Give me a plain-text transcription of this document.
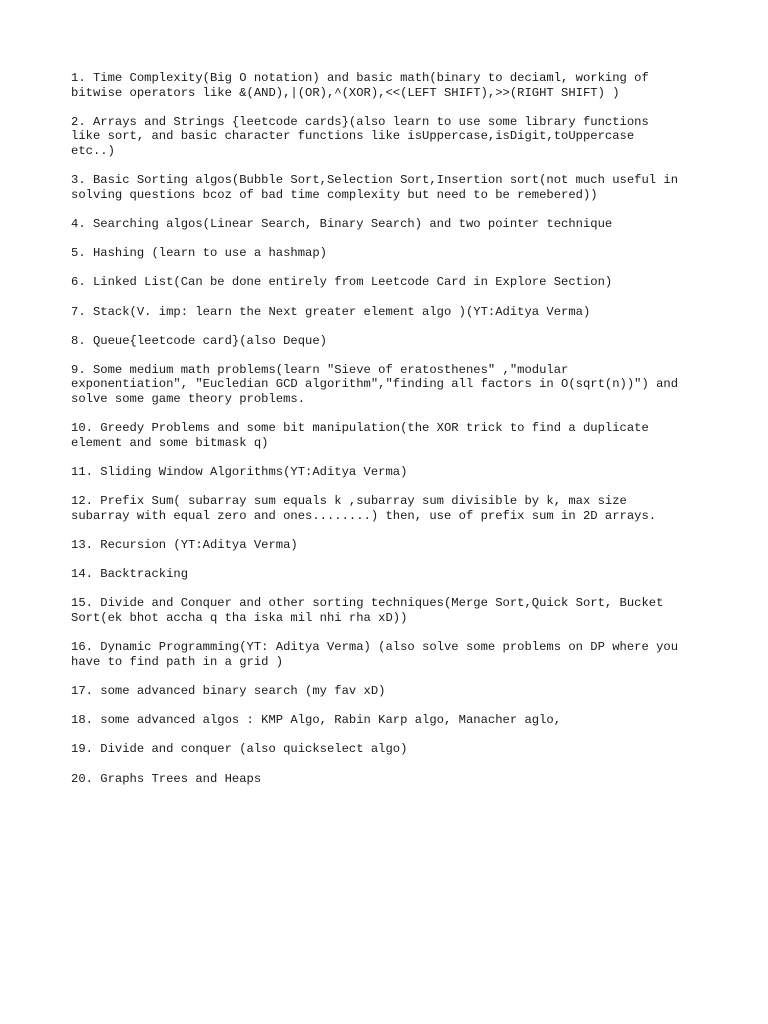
1. Time Complexity(Big O notation) and basic math(binary to deciaml, working of
bitwise operators like &(AND),|(OR),^(XOR),<<(LEFT SHIFT),>>(RIGHT SHIFT) )
2. Arrays and Strings {leetcode cards}(also learn to use some library functions
like sort, and basic character functions like isUppercase,isDigit,toUppercase
etc..)
3. Basic Sorting algos(Bubble Sort,Selection Sort,Insertion sort(not much useful in
solving questions bcoz of bad time complexity but need to be remebered))
4. Searching algos(Linear Search, Binary Search) and two pointer technique
5. Hashing (learn to use a hashmap)
6. Linked List(Can be done entirely from Leetcode Card in Explore Section)
7. Stack(V. imp: learn the Next greater element algo )(YT:Aditya Verma)
8. Queue{leetcode card}(also Deque)
9. Some medium math problems(learn "Sieve of eratosthenes" ,"modular
exponentiation", "Eucledian GCD algorithm","finding all factors in O(sqrt(n))") and
solve some game theory problems.
10. Greedy Problems and some bit manipulation(the XOR trick to find a duplicate
element and some bitmask q)
11. Sliding Window Algorithms(YT:Aditya Verma)
12. Prefix Sum( subarray sum equals k ,subarray sum divisible by k, max size
subarray with equal zero and ones........) then, use of prefix sum in 2D arrays.
13. Recursion (YT:Aditya Verma)
14. Backtracking
15. Divide and Conquer and other sorting techniques(Merge Sort,Quick Sort, Bucket
Sort(ek bhot accha q tha iska mil nhi rha xD))
16. Dynamic Programming(YT: Aditya Verma) (also solve some problems on DP where you
have to find path in a grid )
17. some advanced binary search (my fav xD)
18. some advanced algos : KMP Algo, Rabin Karp algo, Manacher aglo,
19. Divide and conquer (also quickselect algo)
20. Graphs Trees and Heaps
